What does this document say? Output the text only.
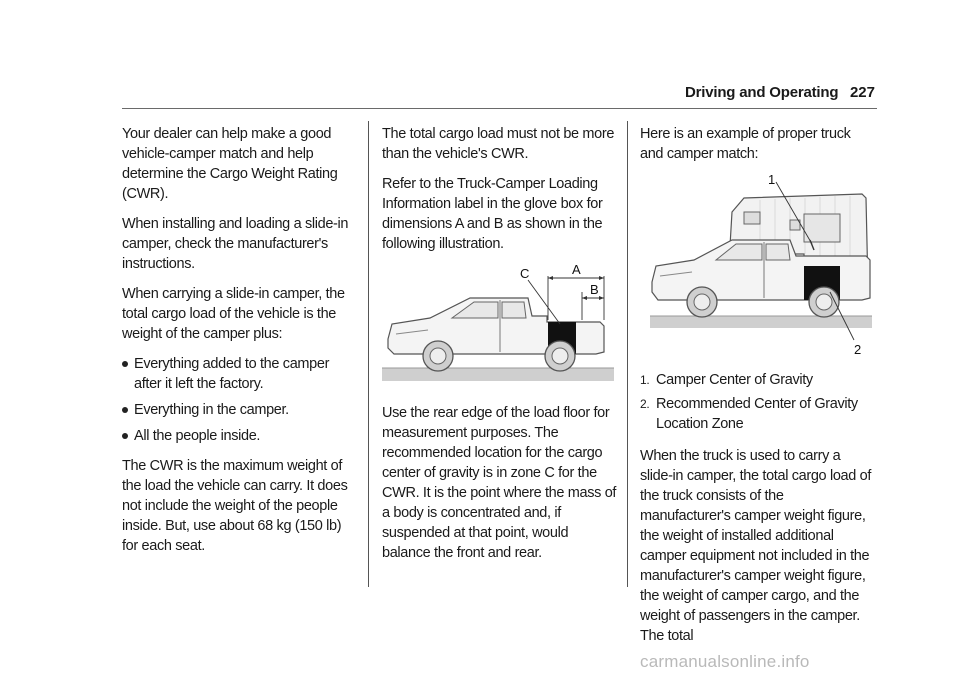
Driving and Operating 227

Your dealer can help make a good vehicle-camper match and help determine the Cargo Weight Rating (CWR).

When installing and loading a slide-in camper, check the manufacturer's instructions.

When carrying a slide-in camper, the total cargo load of the vehicle is the weight of the camper plus:

Everything added to the camper after it left the factory.
Everything in the camper.
All the people inside.

The CWR is the maximum weight of the load the vehicle can carry. It does not include the weight of the people inside. But, use about 68 kg (150 lb) for each seat.

The total cargo load must not be more than the vehicle's CWR.

Refer to the Truck-Camper Loading Information label in the glove box for dimensions A and B as shown in the following illustration.

C	A
B

Use the rear edge of the load floor for measurement purposes. The recommended location for the cargo center of gravity is in zone C for the CWR. It is the point where the mass of a body is concentrated and, if suspended at that point, would balance the front and rear.

Here is an example of proper truck and camper match:

1
2
1. Camper Center of Gravity
2. Recommended Center of Gravity Location Zone

When the truck is used to carry a slide-in camper, the total cargo load of the truck consists of the manufacturer's camper weight figure, the weight of installed additional camper equipment not included in the manufacturer's camper weight figure, the weight of camper cargo, and the weight of passengers in the camper. The total

carmanualsonline.info
